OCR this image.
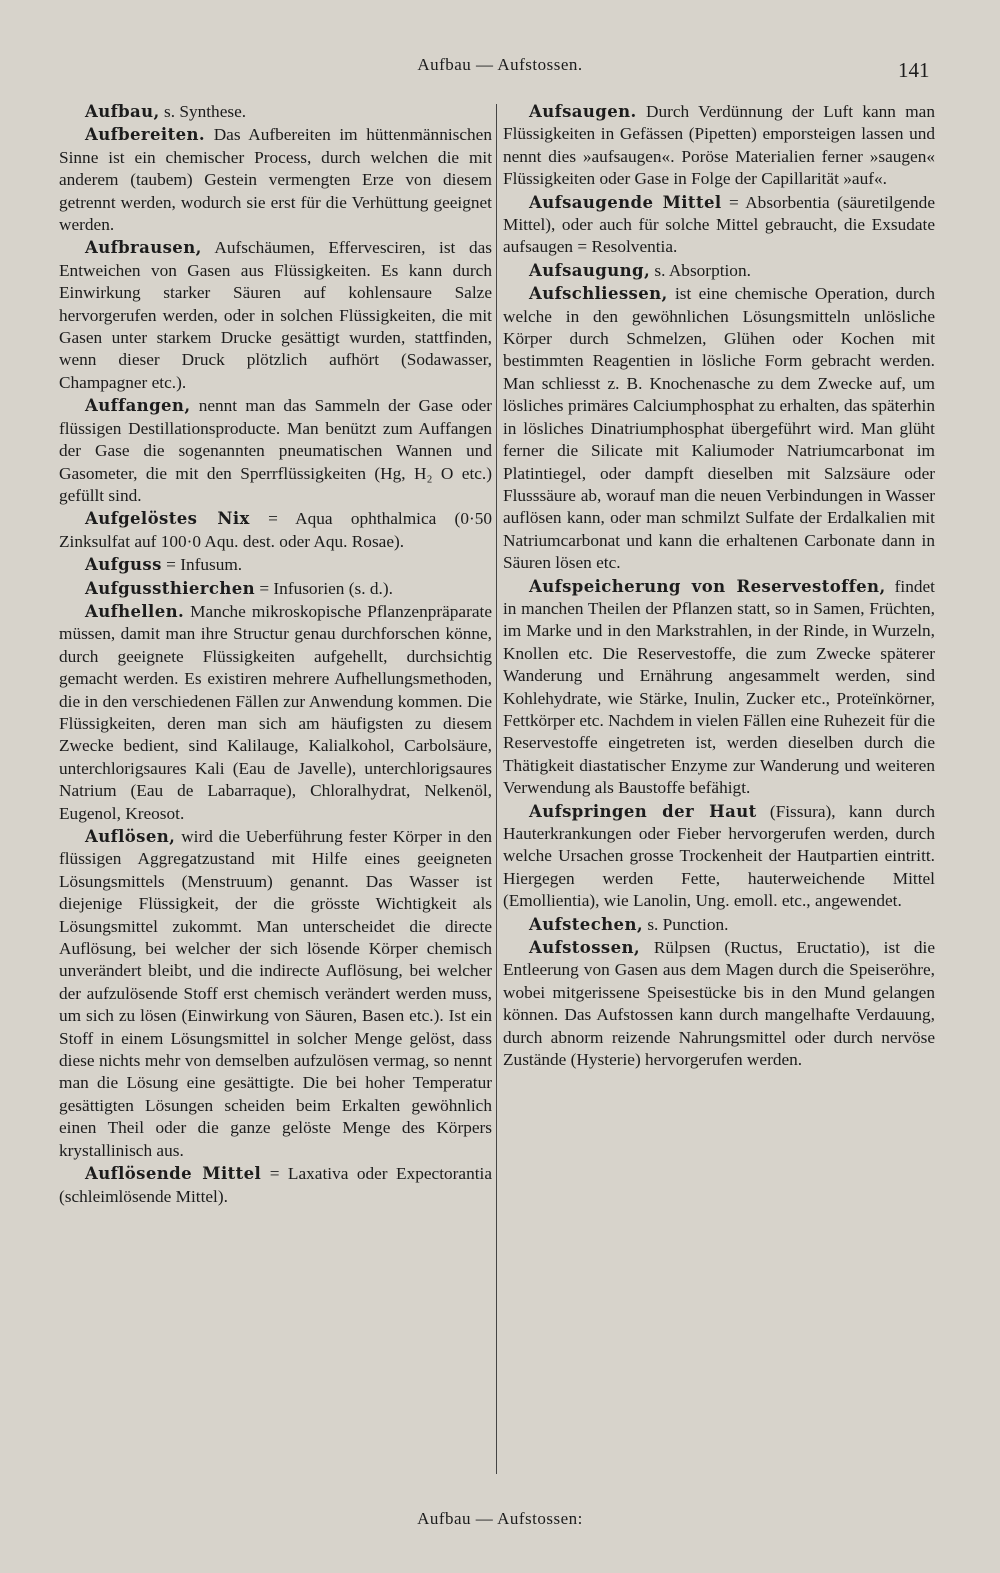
Aufbau — Aufstossen.	141

Aufbau, s. Synthese.

Aufbereiten. Das Aufbereiten im hüttenmännischen Sinne ist ein chemischer Process, durch welchen die mit anderem (taubem) Gestein vermengten Erze von diesem getrennt werden, wodurch sie erst für die Verhüttung geeignet werden.

Aufbrausen, Aufschäumen, Effervesciren, ist das Entweichen von Gasen aus Flüssigkeiten. Es kann durch Einwirkung starker Säuren auf kohlensaure Salze hervorgerufen werden, oder in solchen Flüssigkeiten, die mit Gasen unter starkem Drucke gesättigt wurden, stattfinden, wenn dieser Druck plötzlich aufhört (Sodawasser, Champagner etc.).

Auffangen, nennt man das Sammeln der Gase oder flüssigen Destillationsproducte. Man benützt zum Auffangen der Gase die sogenannten pneumatischen Wannen und Gasometer, die mit den Sperrflüssigkeiten (Hg, H₂ O etc.) gefüllt sind.

Aufgelöstes Nix = Aqua ophthalmica (0·50 Zinksulfat auf 100·0 Aqu. dest. oder Aqu. Rosae).

Aufguss = Infusum.

Aufgussthierchen = Infusorien (s. d.).

Aufhellen. Manche mikroskopische Pflanzenpräparate müssen, damit man ihre Structur genau durchforschen könne, durch geeignete Flüssigkeiten aufgehellt, durchsichtig gemacht werden. Es existiren mehrere Aufhellungsmethoden, die in den verschiedenen Fällen zur Anwendung kommen. Die Flüssigkeiten, deren man sich am häufigsten zu diesem Zwecke bedient, sind Kalilauge, Kalialkohol, Carbolsäure, unterchlorigsaures Kali (Eau de Javelle), unterchlorigsaures Natrium (Eau de Labarraque), Chloralhydrat, Nelkenöl, Eugenol, Kreosot.

Auflösen, wird die Ueberführung fester Körper in den flüssigen Aggregatzustand mit Hilfe eines geeigneten Lösungsmittels (Menstruum) genannt. Das Wasser ist diejenige Flüssigkeit, der die grösste Wichtigkeit als Lösungsmittel zukommt. Man unterscheidet die directe Auflösung, bei welcher der sich lösende Körper chemisch unverändert bleibt, und die indirecte Auflösung, bei welcher der aufzulösende Stoff erst chemisch verändert werden muss, um sich zu lösen (Einwirkung von Säuren, Basen etc.). Ist ein Stoff in einem Lösungsmittel in solcher Menge gelöst, dass diese nichts mehr von demselben aufzulösen vermag, so nennt man die Lösung eine gesättigte. Die bei hoher Temperatur gesättigten Lösungen scheiden beim Erkalten gewöhnlich einen Theil oder die ganze gelöste Menge des Körpers krystallinisch aus.

Auflösende Mittel = Laxativa oder Expectorantia (schleimlösende Mittel).

Aufsaugen. Durch Verdünnung der Luft kann man Flüssigkeiten in Gefässen (Pipetten) emporsteigen lassen und nennt dies »aufsaugen«. Poröse Materialien ferner »saugen« Flüssigkeiten oder Gase in Folge der Capillarität »auf«.

Aufsaugende Mittel = Absorbentia (säuretilgende Mittel), oder auch für solche Mittel gebraucht, die Exsudate aufsaugen = Resolventia.

Aufsaugung, s. Absorption.

Aufschliessen, ist eine chemische Operation, durch welche in den gewöhnlichen Lösungsmitteln unlösliche Körper durch Schmelzen, Glühen oder Kochen mit bestimmten Reagentien in lösliche Form gebracht werden. Man schliesst z. B. Knochenasche zu dem Zwecke auf, um lösliches primäres Calciumphosphat zu erhalten, das späterhin in lösliches Dinatriumphosphat übergeführt wird. Man glüht ferner die Silicate mit Kaliumoder Natriumcarbonat im Platintiegel, oder dampft dieselben mit Salzsäure oder Flusssäure ab, worauf man die neuen Verbindungen in Wasser auflösen kann, oder man schmilzt Sulfate der Erdalkalien mit Natriumcarbonat und kann die erhaltenen Carbonate dann in Säuren lösen etc.

Aufspeicherung von Reservestoffen, findet in manchen Theilen der Pflanzen statt, so in Samen, Früchten, im Marke und in den Markstrahlen, in der Rinde, in Wurzeln, Knollen etc. Die Reservestoffe, die zum Zwecke späterer Wanderung und Ernährung angesammelt werden, sind Kohlehydrate, wie Stärke, Inulin, Zucker etc., Proteïnkörner, Fettkörper etc. Nachdem in vielen Fällen eine Ruhezeit für die Reservestoffe eingetreten ist, werden dieselben durch die Thätigkeit diastatischer Enzyme zur Wanderung und weiteren Verwendung als Baustoffe befähigt.

Aufspringen der Haut (Fissura), kann durch Hauterkrankungen oder Fieber hervorgerufen werden, durch welche Ursachen grosse Trockenheit der Hautpartien eintritt. Hiergegen werden Fette, hauterweichende Mittel (Emollientia), wie Lanolin, Ung. emoll. etc., angewendet.

Aufstechen, s. Punction.

Aufstossen, Rülpsen (Ructus, Eructatio), ist die Entleerung von Gasen aus dem Magen durch die Speiseröhre, wobei mitgerissene Speisestücke bis in den Mund gelangen können. Das Aufstossen kann durch mangelhafte Verdauung, durch abnorm reizende Nahrungsmittel oder durch nervöse Zustände (Hysterie) hervorgerufen werden.

Aufbau — Aufstossen:
